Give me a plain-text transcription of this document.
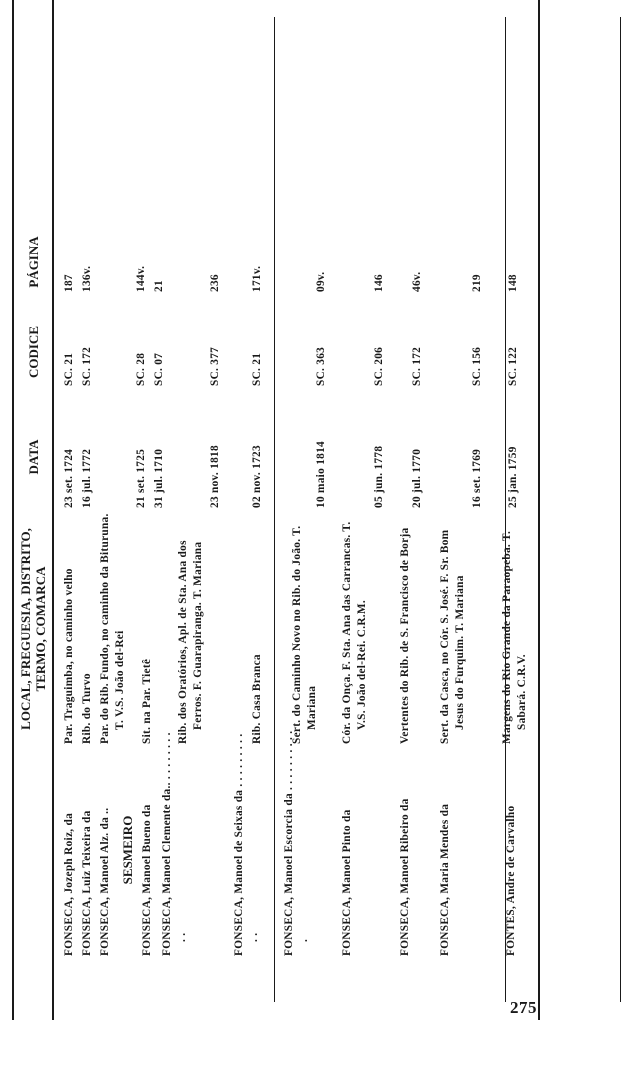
SESMEIRO
LOCAL, FREGUESIA, DISTRITO, TERMO, COMARCA
DATA
CODICE
PÁGINA
FONSECA, Jozeph Roiz, da
Par. Traguimba, no caminho velho
23 set. 1724
SC. 21
187
FONSECA, Luiz Teixeira da
Rib. do Turvo
16 jul. 1772
SC. 172
136v.
FONSECA, Manoel Alz. da ..
Par. do Rib. Fundo, no caminho da Bituruna. T. V.S. João del-Rei
21 set. 1725
SC. 28
144v.
FONSECA, Manoel Bueno da
Sit. na Par. Tietê
31 jul. 1710
SC. 07
21
FONSECA, Manoel Clemente da.. . . . . . . . . . .
Rib. dos Oratórios, Apl. de Sta. Ana dos Ferros. F. Guarapiranga. T. Mariana
23 nov. 1818
SC. 377
236
FONSECA, Manoel de Seixas da . . . . . . . . . . .
Rib. Casa Branca
02 nov. 1723
SC. 21
171v.
FONSECA, Manoel Escorcia da . . . . . . . . . . .
Sert. do Caminho Novo no Rib. do João. T. Mariana
10 maio 1814
SC. 363
09v.
FONSECA, Manoel Pinto da
Cór. da Onça. F. Sta. Ana das Carrancas. T. V.S. João del-Rei. C.R.M.
05 jun. 1778
SC. 206
146
FONSECA, Manoel Ribeiro da
Vertentes do Rib. de S. Francisco de Borja
20 jul. 1770
SC. 172
46v.
FONSECA, Maria Mendes da
Sert. da Casca, no Cór. S. José. F. Sr. Bom Jesus do Furquim. T. Mariana
16 set. 1769
SC. 156
219
FONTES, Andre de Carvalho
Margens do Rio Grande da Paraopeba. T. Sabará. C.R.V.
25 jan. 1759
SC. 122
148
275
